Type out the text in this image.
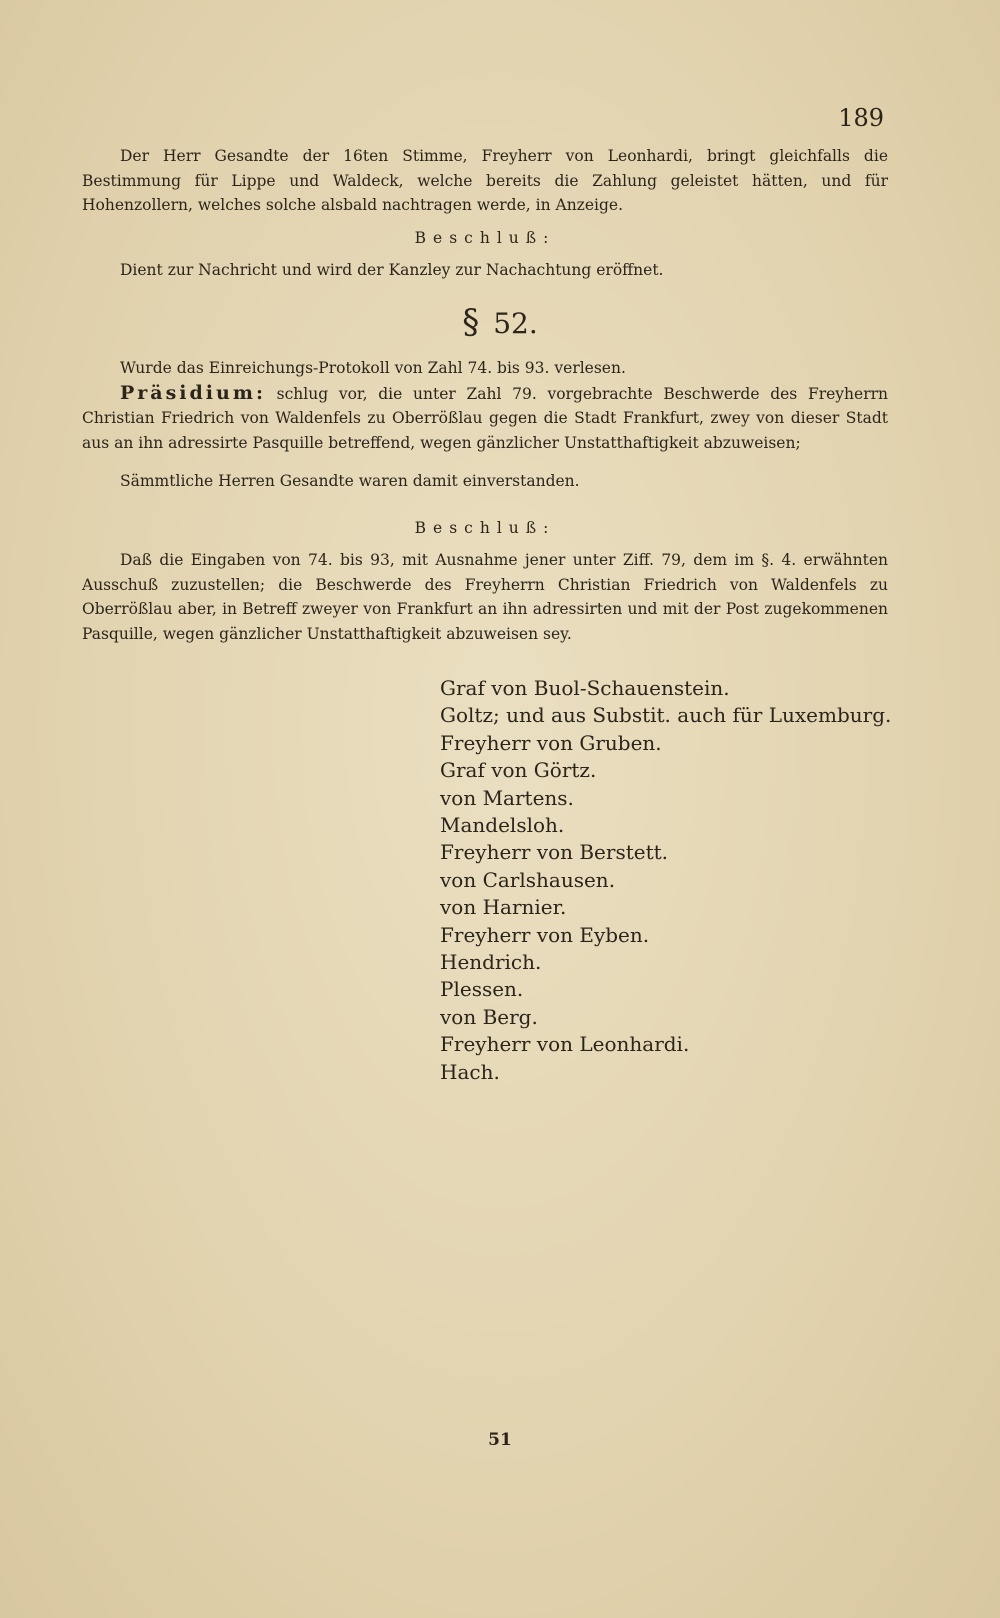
189

Der Herr Gesandte der 16ten Stimme, Freyherr von Leonhardi, bringt gleichfalls die Bestimmung für Lippe und Waldeck, welche bereits die Zahlung geleistet hätten, und für Hohenzollern, welches solche alsbald nachtragen werde, in Anzeige.

Beschluß:

Dient zur Nachricht und wird der Kanzley zur Nachachtung eröffnet.

§ 52.

Wurde das Einreichungs-Protokoll von Zahl 74. bis 93. verlesen.

Präsidium: schlug vor, die unter Zahl 79. vorgebrachte Beschwerde des Freyherrn Christian Friedrich von Waldenfels zu Oberrößlau gegen die Stadt Frankfurt, zwey von dieser Stadt aus an ihn adressirte Pasquille betreffend, wegen gänzlicher Unstatthaftigkeit abzuweisen;

Sämmtliche Herren Gesandte waren damit einverstanden.

Beschluß:

Daß die Eingaben von 74. bis 93, mit Ausnahme jener unter Ziff. 79, dem im §. 4. erwähnten Ausschuß zuzustellen; die Beschwerde des Freyherrn Christian Friedrich von Waldenfels zu Oberrößlau aber, in Betreff zweyer von Frankfurt an ihn adressirten und mit der Post zugekommenen Pasquille, wegen gänzlicher Unstatthaftigkeit abzuweisen sey.

Graf von Buol-Schauenstein.
Goltz; und aus Substit. auch für Luxemburg.
Freyherr von Gruben.
Graf von Görtz.
von Martens.
Mandelsloh.
Freyherr von Berstett.
von Carlshausen.
von Harnier.
Freyherr von Eyben.
Hendrich.
Plessen.
von Berg.
Freyherr von Leonhardi.
Hach.
51
